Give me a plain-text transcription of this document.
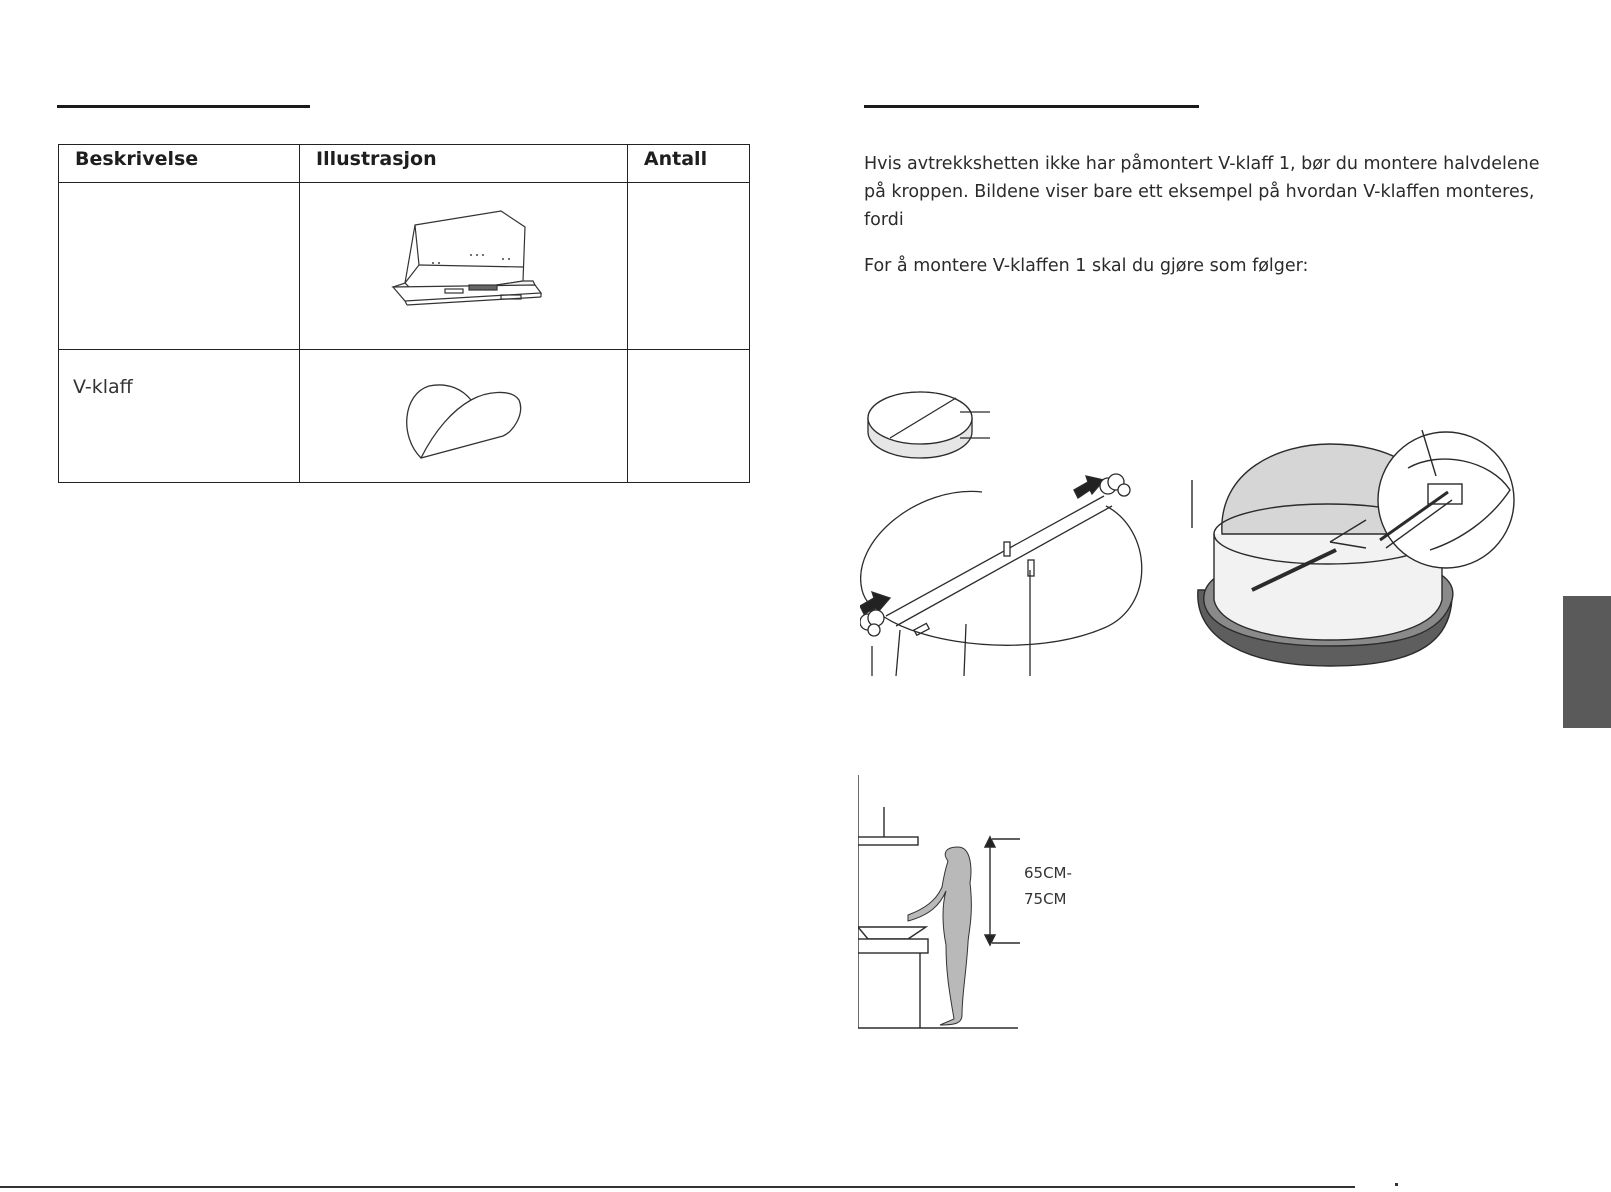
Beskrivelse	Illustrasjon	Antall

V-klaff		

Hvis avtrekkshetten ikke har påmontert V-klaff 1, bør du montere halvdelene på kroppen. Bildene viser bare ett eksempel på hvordan V-klaffen monteres, fordi

For å montere V-klaffen 1 skal du gjøre som følger:

65CM-
75CM
